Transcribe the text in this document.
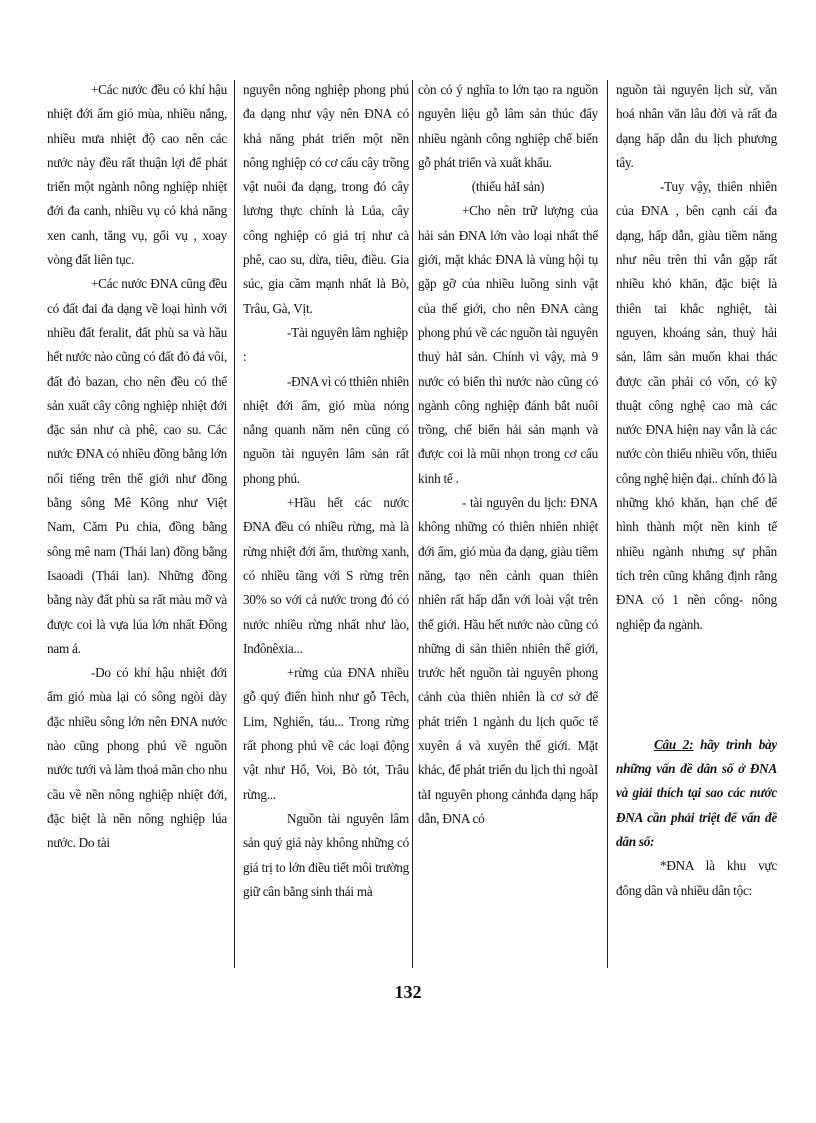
+Các nước đều có khí hậu nhiệt đới ẩm gió mùa, nhiều nắng, nhiều mưa nhiệt độ cao nên các nước này đều rất thuận lợi để phát triển một ngành nông nghiệp nhiệt đới đa canh, nhiều vụ có khả năng xen canh, tăng vụ, gối vụ , xoay vòng đất liên tục.

+Các nước ĐNA cũng đều có đất đai đa dạng về loại hình với nhiều đất feralit, đất phù sa và hầu hết nước nào cũng có đất đỏ đá vôi, đất đỏ bazan, cho nên đều có thể sản xuất cây công nghiệp nhiệt đới đặc sản như cà phê, cao su. Các nước ĐNA có nhiều đồng bằng lớn nổi tiếng trên thế giới như đồng bằng sông Mê Kông như Việt Nam, Căm Pu chia, đồng bằng sông mê nam (Thái lan) đồng bằng Isaoadi (Thái lan). Những đồng bằng này đất phù sa rất màu mỡ và được coi là vựa lúa lớn nhất Đông nam á.

-Do có khí hậu nhiệt đới ẩm gió mùa lại có sông ngòi dày đặc nhiều sông lớn nên ĐNA nước nào cũng phong phú về nguồn nước tưới và làm thoả mãn cho nhu cầu về nền nông nghiệp nhiệt đới, đặc biệt là nền nông nghiệp lúa nước. Do tài

nguyên nông nghiệp phong phú đa dạng như vậy nên ĐNA có khả năng phát triển một nền nông nghiệp có cơ cấu cây trồng vật nuôi đa dạng, trong đó cây lương thực chính là Lúa, cây công nghiệp có giá trị như cà phê, cao su, dừa, tiêu, điều. Gia súc, gia cầm mạnh nhất là Bò, Trâu, Gà, Vịt.

-Tài nguyên lâm nghiệp

:

-ĐNA vì có tthiên nhiên nhiệt đới ẩm, gió mùa nóng nắng quanh năm nên cũng có nguồn tài nguyên lâm sản rất phong phú.

+Hầu hết các nước ĐNA đều có nhiều rừng, mà là rừng nhiệt đới ẩm, thường xanh, có nhiều tầng với S rừng trên 30% so với cả nước trong đó có nước nhiều rừng nhất như lào, Inđônêxia...

+rừng của ĐNA nhiều gỗ quý điển hình như gỗ Têch, Lim, Nghiến, táu... Trong rừng rất phong phú về các loại động vật như Hổ, Voi, Bò tót, Trâu rừng...

Nguồn tài nguyên lâm sản quý giá này không những có giá trị to lớn điều tiết môi trường giữ cân bằng sinh thái mà

còn có ý nghĩa to lớn tạo ra nguồn nguyên liệu gỗ lâm sản thúc đẩy nhiều ngành công nghiệp chế biến gỗ phát triển và xuất khẩu.

(thiếu hảI sản)

+Cho nên trữ lượng của hải sản ĐNA lớn vào loại nhất thế giới, mặt khác ĐNA là vùng hội tụ gặp gỡ của nhiều luồng sinh vật của thế giới, cho nên ĐNA càng phong phú về các nguồn tài nguyên thuỷ hảI sản. Chính vì vậy, mà 9 nước có biển thì nước nào cũng có ngành công nghiệp đánh bắt nuôi trồng, chế biến hải sản mạnh và được coi là mũi nhọn trong cơ cấu kinh tế .

- tài nguyên du lịch: ĐNA không những có thiên nhiên nhiệt đới ẩm, gió mùa đa dạng, giàu tiềm năng, tạo nên cảnh quan thiên nhiên rất hấp dẫn với loài vật trên thế giới. Hầu hết nước nào cũng có những di sản thiên nhiên thế giới, trước hết nguồn tài nguyên phong cảnh của thiên nhiên là cơ sở để phát triển 1 ngành du lịch quốc tế xuyên á và xuyên thế giới. Mặt khác, để phát triển du lịch thì ngoàI tàI nguyên phong cảnhđa dạng hấp dẫn, ĐNA có

nguồn tài nguyên lịch sử, văn hoá nhân văn lâu đời và rất đa dạng hấp dẫn du lịch phương tây.

-Tuy vậy, thiên nhiên của ĐNA , bên cạnh cái đa dạng, hấp dẫn, giàu tiềm năng như nêu trên thì vẫn gặp rất nhiều khó khăn, đặc biệt là thiên tai khắc nghiệt, tài nguyen, khoáng sản, thuỷ hải sản, lâm sản muốn khai thác được cần phải có vốn, có kỹ thuật công nghệ cao mà các nước ĐNA hiện nay vẫn là các nước còn thiếu nhiều vốn, thiếu công nghệ hiện đại.. chính đó là những khó khăn, hạn chế để hình thành một nền kinh tế nhiều ngành nhưng sự phân tích trên cũng khẳng định rằng ĐNA có 1 nền công- nông nghiệp đa ngành.

Câu 2: hãy trình bày những vấn đề dân số ở ĐNA và giải thích tại sao các nước ĐNA cần phải triệt để vấn đề dân số:

*ĐNA là khu vực đông dân và nhiều dân tộc:

132
